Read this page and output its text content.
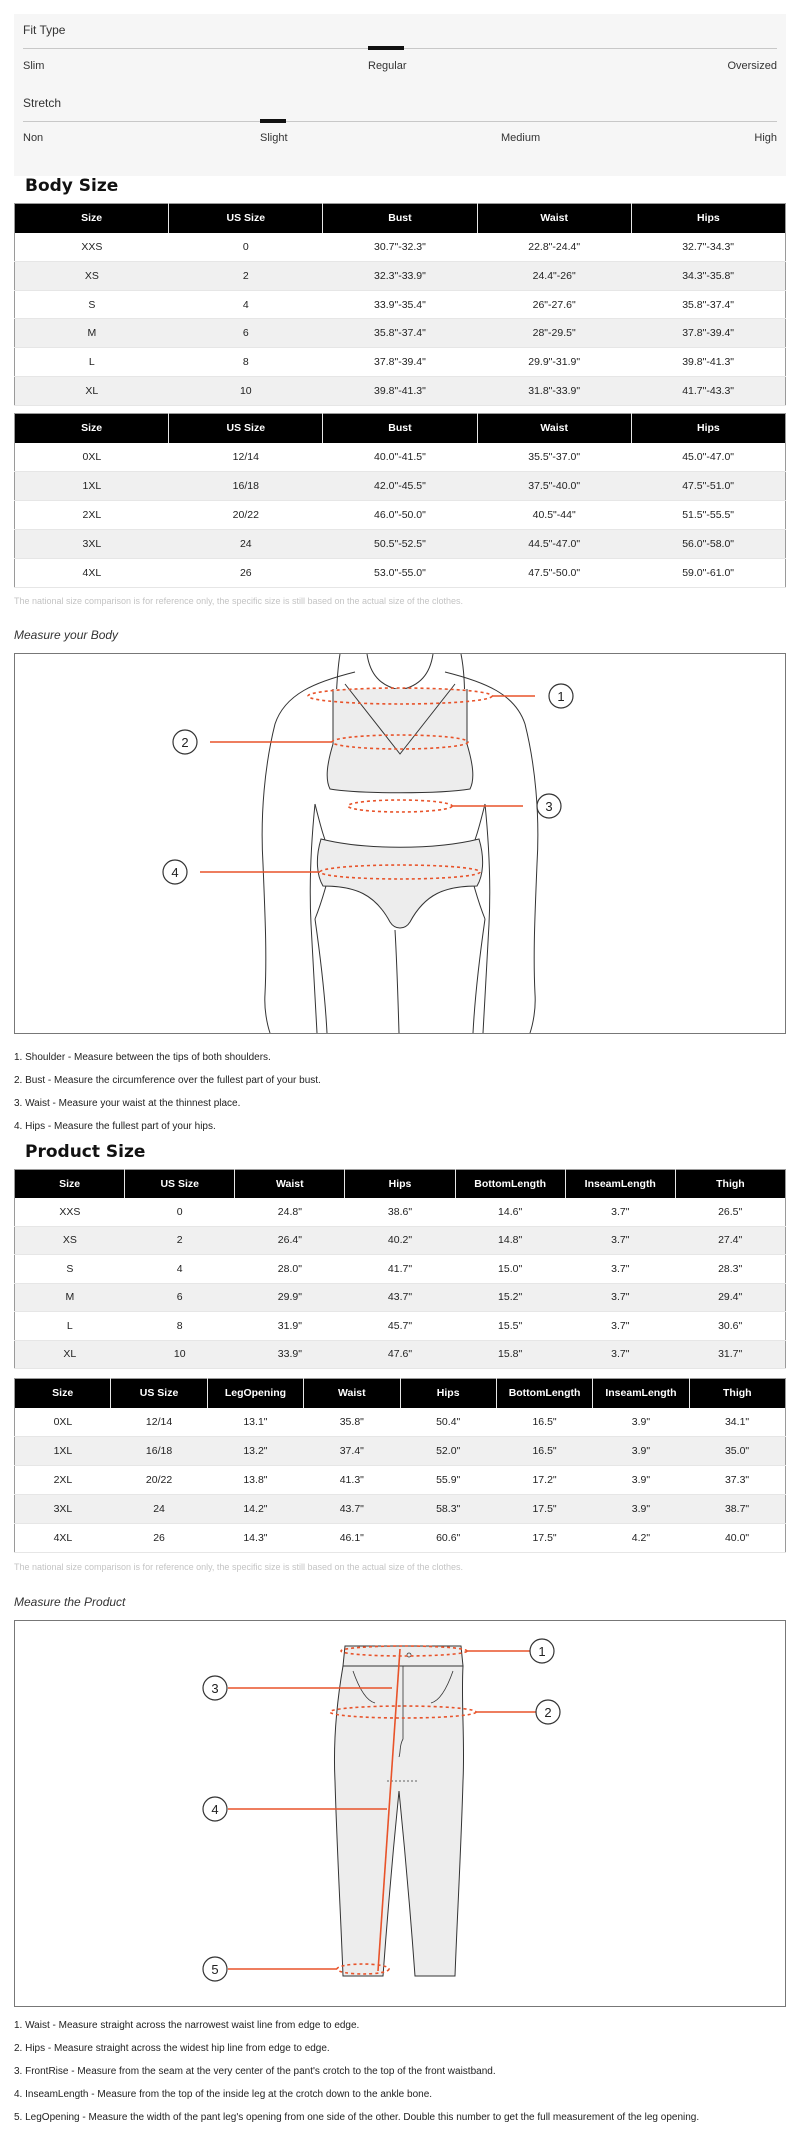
Fit Type
Slim	Regular	Oversized
Stretch
Non	Slight	Medium	High
Body Size
Size	US Size	Bust	Waist	Hips
XXS	0	30.7"-32.3"	22.8"-24.4"	32.7"-34.3"
XS	2	32.3"-33.9"	24.4"-26"	34.3"-35.8"
S	4	33.9"-35.4"	26"-27.6"	35.8"-37.4"
M	6	35.8"-37.4"	28"-29.5"	37.8"-39.4"
L	8	37.8"-39.4"	29.9"-31.9"	39.8"-41.3"
XL	10	39.8"-41.3"	31.8"-33.9"	41.7"-43.3"
Size	US Size	Bust	Waist	Hips
0XL	12/14	40.0"-41.5"	35.5"-37.0"	45.0"-47.0"
1XL	16/18	42.0"-45.5"	37.5"-40.0"	47.5"-51.0"
2XL	20/22	46.0"-50.0"	40.5"-44"	51.5"-55.5"
3XL	24	50.5"-52.5"	44.5"-47.0"	56.0"-58.0"
4XL	26	53.0"-55.0"	47.5"-50.0"	59.0"-61.0"
The national size comparison is for reference only, the specific size is still based on the actual size of the clothes.
Measure your Body
1
2
3
4
1. Shoulder - Measure between the tips of both shoulders.
2. Bust - Measure the circumference over the fullest part of your bust.
3. Waist - Measure your waist at the thinnest place.
4. Hips - Measure the fullest part of your hips.
Product Size
Size	US Size	Waist	Hips	BottomLength	InseamLength	Thigh
XXS	0	24.8"	38.6"	14.6"	3.7"	26.5"
XS	2	26.4"	40.2"	14.8"	3.7"	27.4"
S	4	28.0"	41.7"	15.0"	3.7"	28.3"
M	6	29.9"	43.7"	15.2"	3.7"	29.4"
L	8	31.9"	45.7"	15.5"	3.7"	30.6"
XL	10	33.9"	47.6"	15.8"	3.7"	31.7"
Size	US Size	LegOpening	Waist	Hips	BottomLength	InseamLength	Thigh
0XL	12/14	13.1"	35.8"	50.4"	16.5"	3.9"	34.1"
1XL	16/18	13.2"	37.4"	52.0"	16.5"	3.9"	35.0"
2XL	20/22	13.8"	41.3"	55.9"	17.2"	3.9"	37.3"
3XL	24	14.2"	43.7"	58.3"	17.5"	3.9"	38.7"
4XL	26	14.3"	46.1"	60.6"	17.5"	4.2"	40.0"
The national size comparison is for reference only, the specific size is still based on the actual size of the clothes.
Measure the Product
1
2
3
4
5
1. Waist - Measure straight across the narrowest waist line from edge to edge.
2. Hips - Measure straight across the widest hip line from edge to edge.
3. FrontRise - Measure from the seam at the very center of the pant's crotch to the top of the front waistband.
4. InseamLength - Measure from the top of the inside leg at the crotch down to the ankle bone.
5. LegOpening - Measure the width of the pant leg's opening from one side of the other. Double this number to get the full measurement of the leg opening.
